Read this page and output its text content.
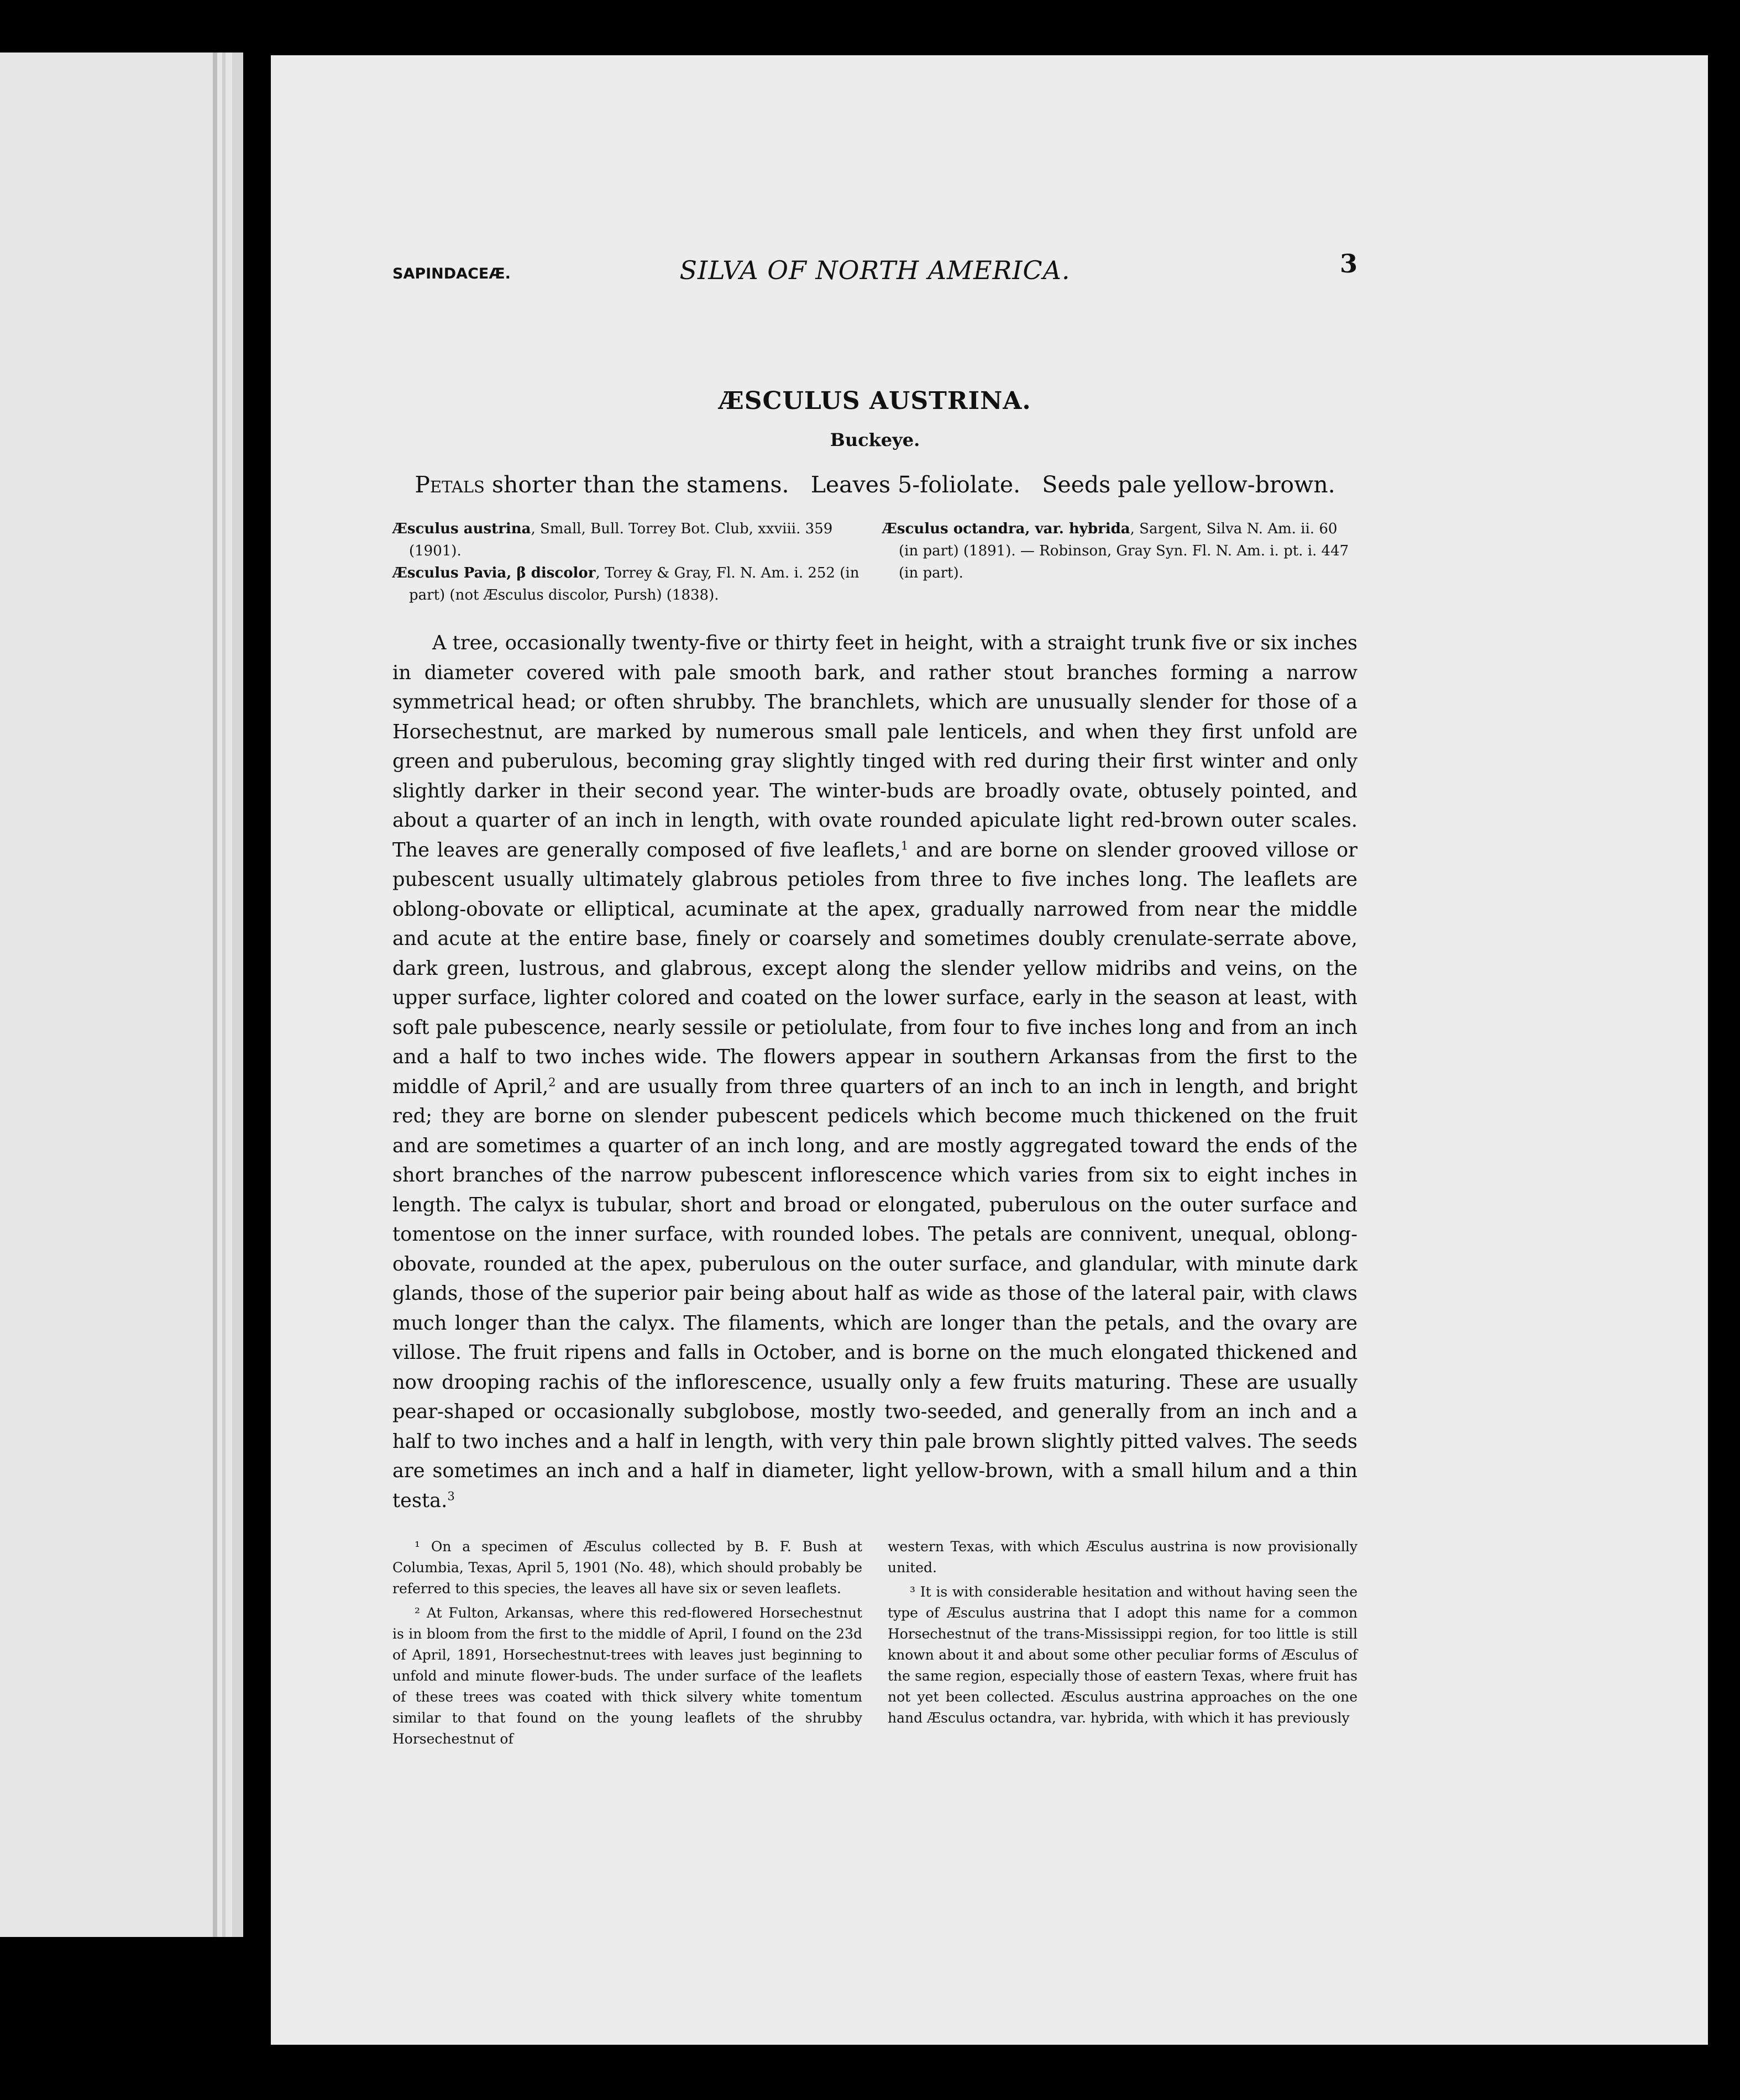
SAPINDACEÆ.	SILVA OF NORTH AMERICA.	3
ÆSCULUS AUSTRINA.
Buckeye.
Petals shorter than the stamens.   Leaves 5-foliolate.   Seeds pale yellow-brown.
Æsculus austrina, Small, Bull. Torrey Bot. Club, xxviii. 359 (1901).
Æsculus Pavia, β discolor, Torrey & Gray, Fl. N. Am. i. 252 (in part) (not Æsculus discolor, Pursh) (1838).
Æsculus octandra, var. hybrida, Sargent, Silva N. Am. ii. 60 (in part) (1891). — Robinson, Gray Syn. Fl. N. Am. i. pt. i. 447 (in part).
A tree, occasionally twenty-five or thirty feet in height, with a straight trunk five or six inches in diameter covered with pale smooth bark, and rather stout branches forming a narrow symmetrical head; or often shrubby. The branchlets, which are unusually slender for those of a Horsechestnut, are marked by numerous small pale lenticels, and when they first unfold are green and puberulous, becoming gray slightly tinged with red during their first winter and only slightly darker in their second year. The winter-buds are broadly ovate, obtusely pointed, and about a quarter of an inch in length, with ovate rounded apiculate light red-brown outer scales. The leaves are generally composed of five leaflets,$^1$ and are borne on slender grooved villose or pubescent usually ultimately glabrous petioles from three to five inches long. The leaflets are oblong-obovate or elliptical, acuminate at the apex, gradually narrowed from near the middle and acute at the entire base, finely or coarsely and sometimes doubly crenulate-serrate above, dark green, lustrous, and glabrous, except along the slender yellow midribs and veins, on the upper surface, lighter colored and coated on the lower surface, early in the season at least, with soft pale pubescence, nearly sessile or petiolulate, from four to five inches long and from an inch and a half to two inches wide. The flowers appear in southern Arkansas from the first to the middle of April,$^2$ and are usually from three quarters of an inch to an inch in length, and bright red; they are borne on slender pubescent pedicels which become much thickened on the fruit and are sometimes a quarter of an inch long, and are mostly aggregated toward the ends of the short branches of the narrow pubescent inflorescence which varies from six to eight inches in length. The calyx is tubular, short and broad or elongated, puberulous on the outer surface and tomentose on the inner surface, with rounded lobes. The petals are connivent, unequal, oblong-obovate, rounded at the apex, puberulous on the outer surface, and glandular, with minute dark glands, those of the superior pair being about half as wide as those of the lateral pair, with claws much longer than the calyx. The filaments, which are longer than the petals, and the ovary are villose. The fruit ripens and falls in October, and is borne on the much elongated thickened and now drooping rachis of the inflorescence, usually only a few fruits maturing. These are usually pear-shaped or occasionally subglobose, mostly two-seeded, and generally from an inch and a half to two inches and a half in length, with very thin pale brown slightly pitted valves. The seeds are sometimes an inch and a half in diameter, light yellow-brown, with a small hilum and a thin testa.$^3$
¹ On a specimen of Æsculus collected by B. F. Bush at Columbia, Texas, April 5, 1901 (No. 48), which should probably be referred to this species, the leaves all have six or seven leaflets.
² At Fulton, Arkansas, where this red-flowered Horsechestnut is in bloom from the first to the middle of April, I found on the 23d of April, 1891, Horsechestnut-trees with leaves just beginning to unfold and minute flower-buds. The under surface of the leaflets of these trees was coated with thick silvery white tomentum similar to that found on the young leaflets of the shrubby Horsechestnut of
western Texas, with which Æsculus austrina is now provisionally united.
³ It is with considerable hesitation and without having seen the type of Æsculus austrina that I adopt this name for a common Horsechestnut of the trans-Mississippi region, for too little is still known about it and about some other peculiar forms of Æsculus of the same region, especially those of eastern Texas, where fruit has not yet been collected. Æsculus austrina approaches on the one hand Æsculus octandra, var. hybrida, with which it has previously
